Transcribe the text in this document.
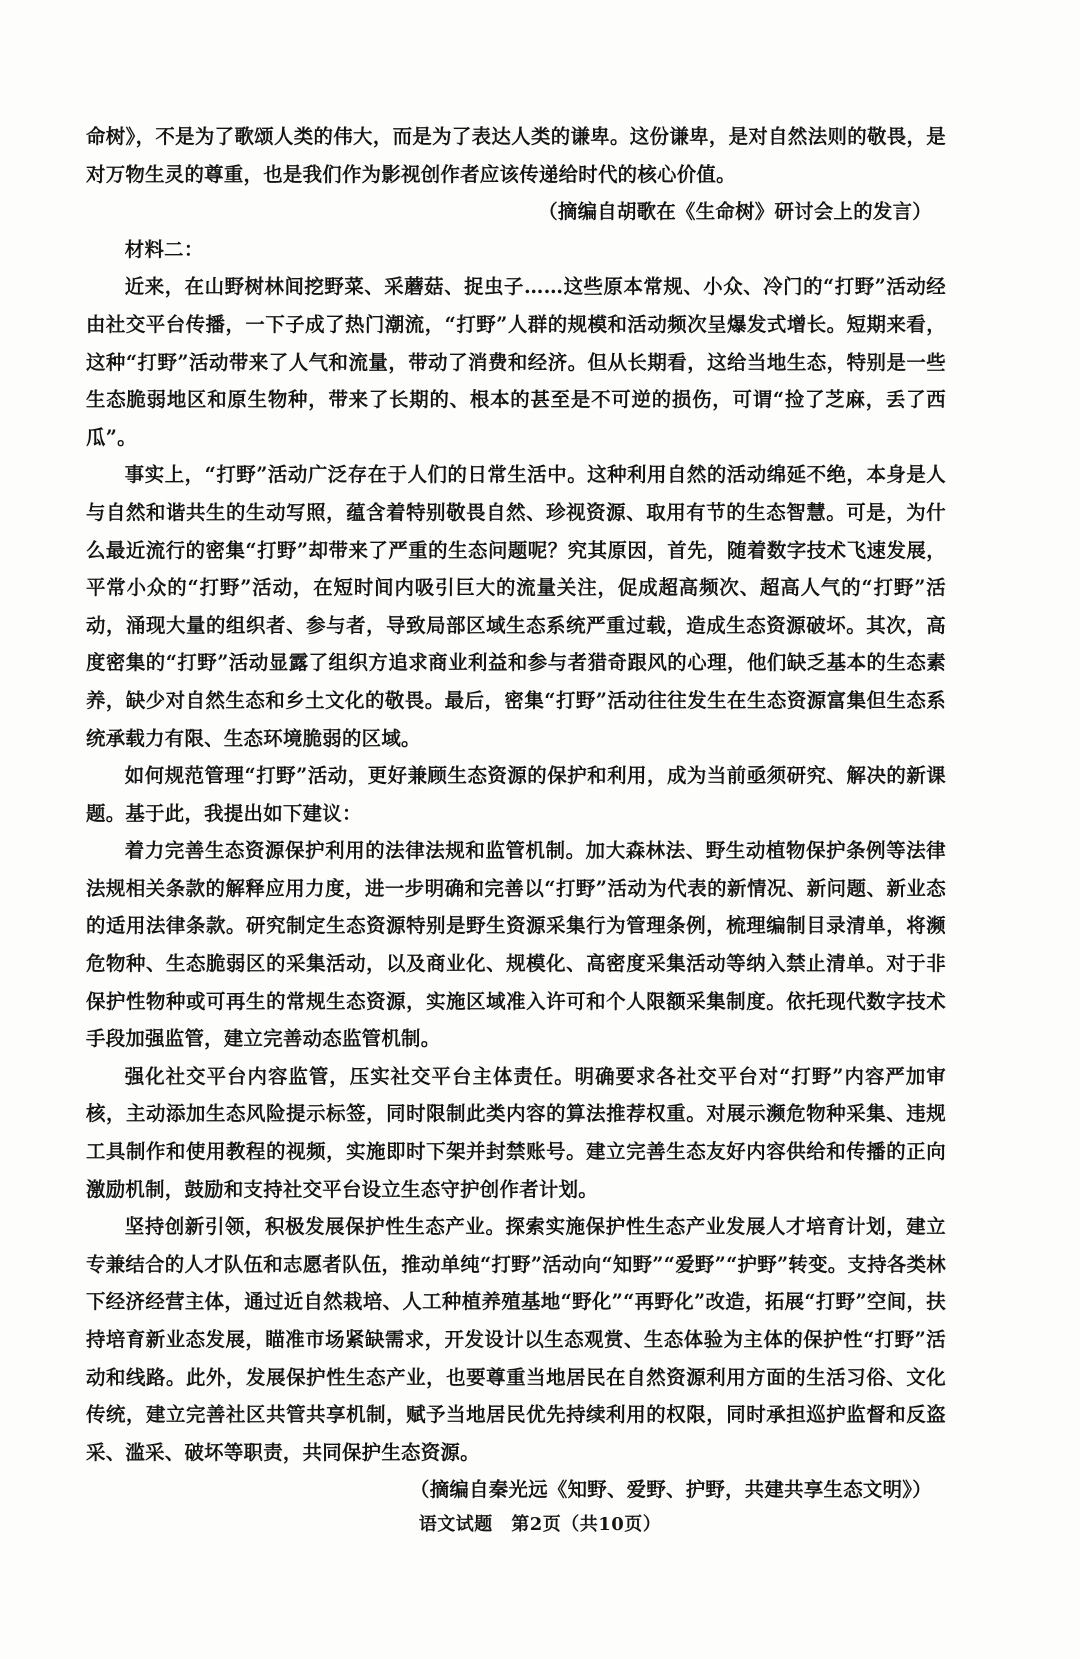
命树》，不是为了歌颂人类的伟大，而是为了表达人类的谦卑。这份谦卑，是对自然法则的敬畏，是对万物生灵的尊重，也是我们作为影视创作者应该传递给时代的核心价值。

（摘编自胡歌在《生命树》研讨会上的发言）

材料二：

近来，在山野树林间挖野菜、采蘑菇、捉虫子……这些原本常规、小众、冷门的“打野”活动经由社交平台传播，一下子成了热门潮流，“打野”人群的规模和活动频次呈爆发式增长。短期来看，这种“打野”活动带来了人气和流量，带动了消费和经济。但从长期看，这给当地生态，特别是一些生态脆弱地区和原生物种，带来了长期的、根本的甚至是不可逆的损伤，可谓“捡了芝麻，丢了西瓜”。

事实上，“打野”活动广泛存在于人们的日常生活中。这种利用自然的活动绵延不绝，本身是人与自然和谐共生的生动写照，蕴含着特别敬畏自然、珍视资源、取用有节的生态智慧。可是，为什么最近流行的密集“打野”却带来了严重的生态问题呢？究其原因，首先，随着数字技术飞速发展，平常小众的“打野”活动，在短时间内吸引巨大的流量关注，促成超高频次、超高人气的“打野”活动，涌现大量的组织者、参与者，导致局部区域生态系统严重过载，造成生态资源破坏。其次，高度密集的“打野”活动显露了组织方追求商业利益和参与者猎奇跟风的心理，他们缺乏基本的生态素养，缺少对自然生态和乡土文化的敬畏。最后，密集“打野”活动往往发生在生态资源富集但生态系统承载力有限、生态环境脆弱的区域。

如何规范管理“打野”活动，更好兼顾生态资源的保护和利用，成为当前亟须研究、解决的新课题。基于此，我提出如下建议：

着力完善生态资源保护利用的法律法规和监管机制。加大森林法、野生动植物保护条例等法律法规相关条款的解释应用力度，进一步明确和完善以“打野”活动为代表的新情况、新问题、新业态的适用法律条款。研究制定生态资源特别是野生资源采集行为管理条例，梳理编制目录清单，将濒危物种、生态脆弱区的采集活动，以及商业化、规模化、高密度采集活动等纳入禁止清单。对于非保护性物种或可再生的常规生态资源，实施区域准入许可和个人限额采集制度。依托现代数字技术手段加强监管，建立完善动态监管机制。

强化社交平台内容监管，压实社交平台主体责任。明确要求各社交平台对“打野”内容严加审核，主动添加生态风险提示标签，同时限制此类内容的算法推荐权重。对展示濒危物种采集、违规工具制作和使用教程的视频，实施即时下架并封禁账号。建立完善生态友好内容供给和传播的正向激励机制，鼓励和支持社交平台设立生态守护创作者计划。

坚持创新引领，积极发展保护性生态产业。探索实施保护性生态产业发展人才培育计划，建立专兼结合的人才队伍和志愿者队伍，推动单纯“打野”活动向“知野”“爱野”“护野”转变。支持各类林下经济经营主体，通过近自然栽培、人工种植养殖基地“野化”“再野化”改造，拓展“打野”空间，扶持培育新业态发展，瞄准市场紧缺需求，开发设计以生态观赏、生态体验为主体的保护性“打野”活动和线路。此外，发展保护性生态产业，也要尊重当地居民在自然资源利用方面的生活习俗、文化传统，建立完善社区共管共享机制，赋予当地居民优先持续利用的权限，同时承担巡护监督和反盗采、滥采、破坏等职责，共同保护生态资源。

（摘编自秦光远《知野、爱野、护野，共建共享生态文明》）

语文试题　第2页（共10页）
